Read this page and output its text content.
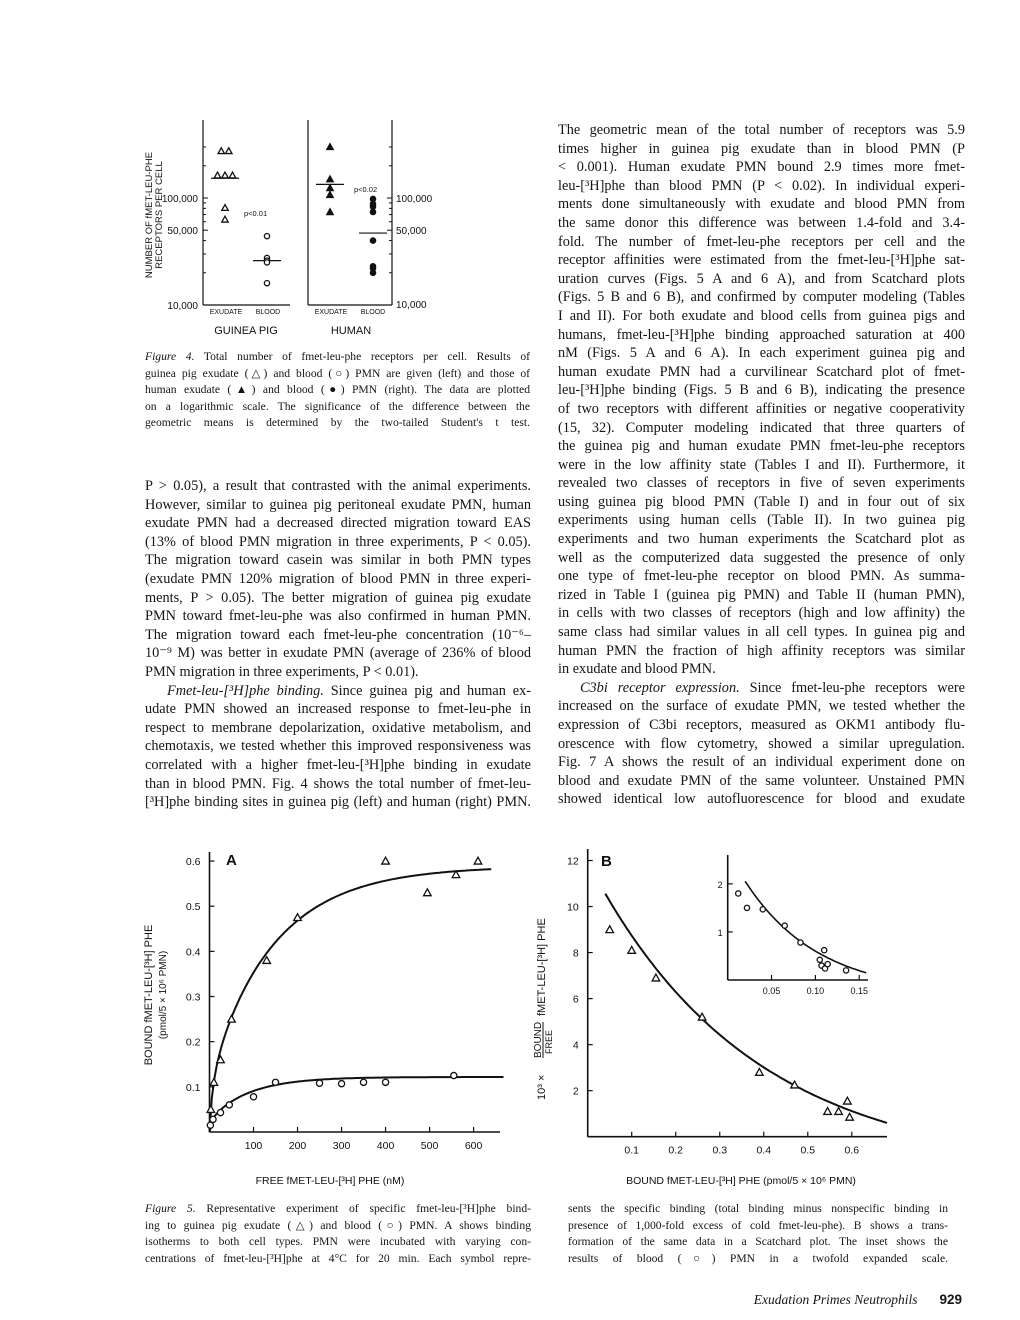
P > 0.05), a result that contrasted with the animal experiments.
However, similar to guinea pig peritoneal exudate PMN, human
exudate PMN had a decreased directed migration toward EAS
(13% of blood PMN migration in three experiments, P < 0.05).
The migration toward casein was similar in both PMN types
(exudate PMN 120% migration of blood PMN in three experi-
ments, P > 0.05). The better migration of guinea pig exudate
PMN toward fmet-leu-phe was also confirmed in human PMN.
The migration toward each fmet-leu-phe concentration (10⁻⁶–
10⁻⁹ M) was better in exudate PMN (average of 236% of blood
PMN migration in three experiments, P < 0.01).
Fmet-leu-[³H]phe binding. Since guinea pig and human ex-
udate PMN showed an increased response to fmet-leu-phe in
respect to membrane depolarization, oxidative metabolism, and
chemotaxis, we tested whether this improved responsiveness was
correlated with a higher fmet-leu-[³H]phe binding in exudate
than in blood PMN. Fig. 4 shows the total number of fmet-leu-
[³H]phe binding sites in guinea pig (left) and human (right) PMN.
The geometric mean of the total number of receptors was 5.9
times higher in guinea pig exudate than in blood PMN (P
< 0.001). Human exudate PMN bound 2.9 times more fmet-
leu-[³H]phe than blood PMN (P < 0.02). In individual experi-
ments done simultaneously with exudate and blood PMN from
the same donor this difference was between 1.4-fold and 3.4-
fold. The number of fmet-leu-phe receptors per cell and the
receptor affinities were estimated from the fmet-leu-[³H]phe sat-
uration curves (Figs. 5 A and 6 A), and from Scatchard plots
(Figs. 5 B and 6 B), and confirmed by computer modeling (Tables
I and II). For both exudate and blood cells from guinea pigs and
humans, fmet-leu-[³H]phe binding approached saturation at 400
nM (Figs. 5 A and 6 A). In each experiment guinea pig and
human exudate PMN had a curvilinear Scatchard plot of fmet-
leu-[³H]phe binding (Figs. 5 B and 6 B), indicating the presence
of two receptors with different affinities or negative cooperativity
(15, 32). Computer modeling indicated that three quarters of
the guinea pig and human exudate PMN fmet-leu-phe receptors
were in the low affinity state (Tables I and II). Furthermore, it
revealed two classes of receptors in five of seven experiments
using guinea pig blood PMN (Table I) and in four out of six
experiments using human cells (Table II). In two guinea pig
experiments and two human experiments the Scatchard plot as
well as the computerized data suggested the presence of only
one type of fmet-leu-phe receptor on blood PMN. As summa-
rized in Table I (guinea pig PMN) and Table II (human PMN),
in cells with two classes of receptors (high and low affinity) the
same class had similar values in all cell types. In guinea pig and
human PMN the fraction of high affinity receptors was similar
in exudate and blood PMN.
C3bi receptor expression. Since fmet-leu-phe receptors were
increased on the surface of exudate PMN, we tested whether the
expression of C3bi receptors, measured as OKM1 antibody flu-
orescence with flow cytometry, showed a similar upregulation.
Fig. 7 A shows the result of an individual experiment done on
blood and exudate PMN of the same volunteer. Unstained PMN
showed identical low autofluorescence for blood and exudate
Figure 4. Total number of fmet-leu-phe receptors per cell. Results of
guinea pig exudate (△) and blood (○) PMN are given (left) and those of
human exudate (▲) and blood (●) PMN (right). The data are plotted
on a logarithmic scale. The significance of the difference between the
geometric means is determined by the two-tailed Student's t test.
Figure 5. Representative experiment of specific fmet-leu-[³H]phe bind-
ing to guinea pig exudate (△) and blood (○) PMN. A shows binding
isotherms to both cell types. PMN were incubated with varying con-
centrations of fmet-leu-[³H]phe at 4°C for 20 min. Each symbol repre-
sents the specific binding (total binding minus nonspecific binding in
presence of 1,000-fold excess of cold fmet-leu-phe). B shows a trans-
formation of the same data in a Scatchard plot. The inset shows the
results of blood (○) PMN in a twofold expanded scale.
NUMBER OF fMET-LEU-PHE RECEPTORS PER CELL
100,000
50,000
10,000
100,000
50,000
10,000
EXUDATE BLOOD	EXUDATE BLOOD
GUINEA PIG	HUMAN
p<0.01
p<0.02
A
BOUND fMET-LEU-[³H] PHE (pmol/5 × 10⁶ PMN)
FREE fMET-LEU-[³H] PHE (nM)
100	200	300	400	500	600
0.1
0.2
0.3
0.4
0.5
0.6	B
10³ ×
BOUND FREE
fMET-LEU-[³H] PHE
BOUND fMET-LEU-[³H] PHE (pmol/5 × 10⁶ PMN)
0.1	0.2	0.3	0.4	0.5	0.6
2
4
6
8
10
12
0.05	0.10	0.15
1
2
Exudation Primes Neutrophils 929
